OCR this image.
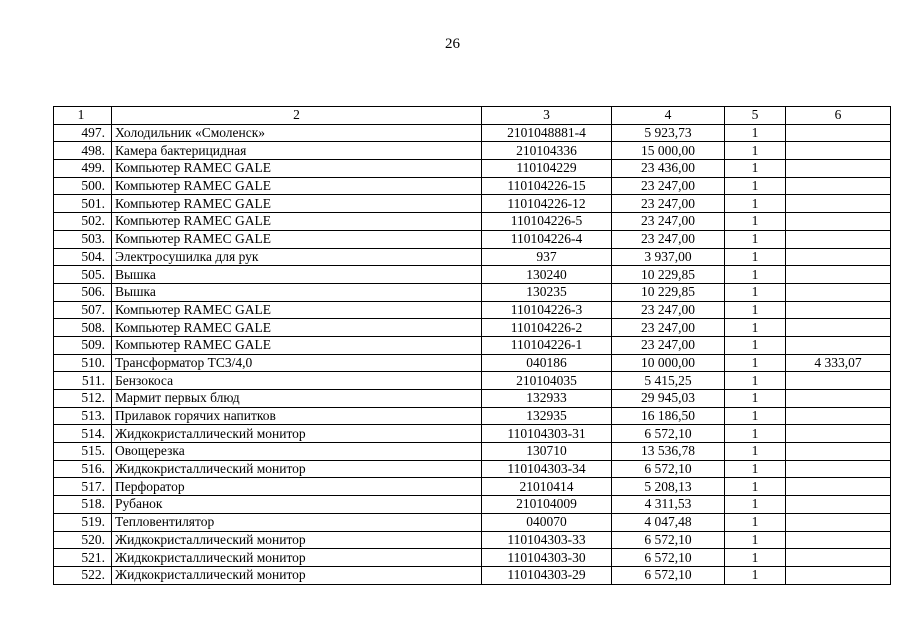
26
1	2	3	4	5	6
497.	Холодильник «Смоленск»	2101048881-4	5 923,73	1	
498.	Камера бактерицидная	210104336	15 000,00	1	
499.	Компьютер RAMEC GALE	110104229	23 436,00	1	
500.	Компьютер RAMEC GALE	110104226-15	23 247,00	1	
501.	Компьютер RAMEC GALE	110104226-12	23 247,00	1	
502.	Компьютер RAMEC GALE	110104226-5	23 247,00	1	
503.	Компьютер RAMEC GALE	110104226-4	23 247,00	1	
504.	Электросушилка для рук	937	3 937,00	1	
505.	Вышка	130240	10 229,85	1	
506.	Вышка	130235	10 229,85	1	
507.	Компьютер RAMEC GALE	110104226-3	23 247,00	1	
508.	Компьютер RAMEC GALE	110104226-2	23 247,00	1	
509.	Компьютер RAMEC GALE	110104226-1	23 247,00	1	
510.	Трансформатор ТС3/4,0	040186	10 000,00	1	4 333,07
511.	Бензокоса	210104035	5 415,25	1	
512.	Мармит первых блюд	132933	29 945,03	1	
513.	Прилавок горячих напитков	132935	16 186,50	1	
514.	Жидкокристаллический монитор	110104303-31	6 572,10	1	
515.	Овощерезка	130710	13 536,78	1	
516.	Жидкокристаллический монитор	110104303-34	6 572,10	1	
517.	Перфоратор	21010414	5 208,13	1	
518.	Рубанок	210104009	4 311,53	1	
519.	Тепловентилятор	040070	4 047,48	1	
520.	Жидкокристаллический монитор	110104303-33	6 572,10	1	
521.	Жидкокристаллический монитор	110104303-30	6 572,10	1	
522.	Жидкокристаллический монитор	110104303-29	6 572,10	1	
